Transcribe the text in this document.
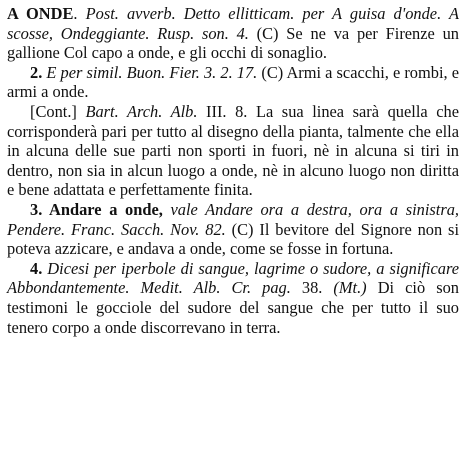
A ONDE. Post. avverb. Detto ellitticam. per A guisa d'onde. A scosse, Ondeggiante. Rusp. son. 4. (C) Se ne va per Firenze un gallione Col capo a onde, e gli occhi di sonaglio.

2. E per simil. Buon. Fier. 3. 2. 17. (C) Armi a scacchi, e rombi, e armi a onde.

[Cont.] Bart. Arch. Alb. III. 8. La sua linea sarà quella che corrisponderà pari per tutto al disegno della pianta, talmente che ella in alcuna delle sue parti non sporti in fuori, nè in alcuna si tiri in dentro, non sia in alcun luogo a onde, nè in alcuno luogo non diritta e bene adattata e perfettamente finita.

3. Andare a onde, vale Andare ora a destra, ora a sinistra, Pendere. Franc. Sacch. Nov. 82. (C) Il bevitore del Signore non si poteva azzicare, e andava a onde, come se fosse in fortuna.

4. Dicesi per iperbole di sangue, lagrime o sudore, a significare Abbondantemente. Medit. Alb. Cr. pag. 38. (Mt.) Di ciò son testimoni le gocciole del sudore del sangue che per tutto il suo tenero corpo a onde discorrevano in terra.
